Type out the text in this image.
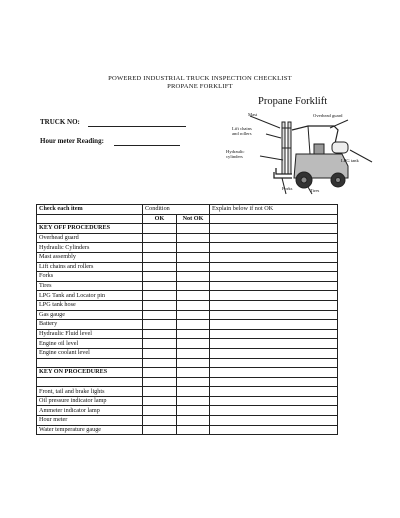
POWERED INDUSTRIAL TRUCK INSPECTION CHECKLIST
PROPANE FORKLIFT
TRUCK NO:
Hour meter Reading:
Propane Forklift
Mast	Overhead guard
Lift chains
and rollers
Hydraulic
cylinders
LPG tank
Forks	Tires
Check each item	Condition		Explain below if not OK
	OK	Not OK	
KEY OFF PROCEDURES			
Overhead guard			
Hydraulic Cylinders			
Mast assembly			
Lift chains and rollers			
Forks			
Tires			
LPG Tank and Locator pin			
LPG tank hose			
Gas gauge			
Battery			
Hydraulic Fluid level			
Engine oil level			
Engine coolant level			

KEY ON PROCEDURES			

Front, tail and brake lights			
Oil pressure indicator lamp			
Ammeter indicator lamp			
Hour meter			
Water temperature gauge			
